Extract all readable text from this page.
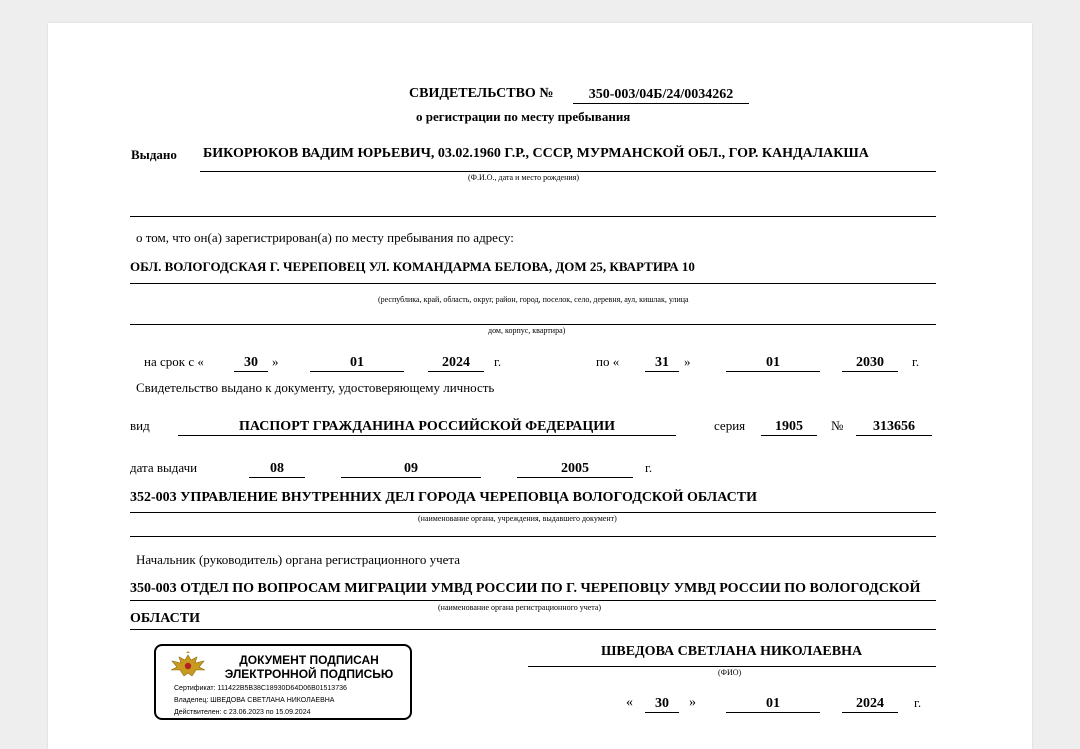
СВИДЕТЕЛЬСТВО №	350-003/04Б/24/0034262
о регистрации по месту пребывания
Выдано БИКОРЮКОВ ВАДИМ ЮРЬЕВИЧ, 03.02.1960 Г.Р., СССР, МУРМАНСКОЙ ОБЛ., ГОР. КАНДАЛАКША
(Ф.И.О., дата и место рождения)
о том, что он(а) зарегистрирован(а) по месту пребывания по адресу:
ОБЛ. ВОЛОГОДСКАЯ Г. ЧЕРЕПОВЕЦ УЛ. КОМАНДАРМА БЕЛОВА, ДОМ 25, КВАРТИРА 10
(республика, край, область, округ, район, город, поселок, село, деревня, аул, кишлак, улица
дом, корпус, квартира)
на срок с «	30	»	01	2024	г.	по «	31	»	01	2030	г.
Свидетельство выдано к документу, удостоверяющему личность
вид	ПАСПОРТ ГРАЖДАНИНА РОССИЙСКОЙ ФЕДЕРАЦИИ	серия	1905	№	313656
дата выдачи	08	09	2005	г.
352-003 УПРАВЛЕНИЕ ВНУТРЕННИХ ДЕЛ ГОРОДА ЧЕРЕПОВЦА ВОЛОГОДСКОЙ ОБЛАСТИ
(наименование органа, учреждения, выдавшего документ)
Начальник (руководитель) органа регистрационного учета
350-003 ОТДЕЛ ПО ВОПРОСАМ МИГРАЦИИ УМВД РОССИИ ПО Г. ЧЕРЕПОВЦУ УМВД РОССИИ ПО ВОЛОГОДСКОЙ
(наименование органа регистрационного учета)
ОБЛАСТИ
ДОКУМЕНТ ПОДПИСАН
ЭЛЕКТРОННОЙ ПОДПИСЬЮ
Сертификат: 111422B5B38C18930D64D06B01513736
Владелец: ШВЕДОВА СВЕТЛАНА НИКОЛАЕВНА
Действителен: с 23.06.2023 по 15.09.2024
ШВЕДОВА СВЕТЛАНА НИКОЛАЕВНА
(ФИО)
«	30	»	01	2024	г.
